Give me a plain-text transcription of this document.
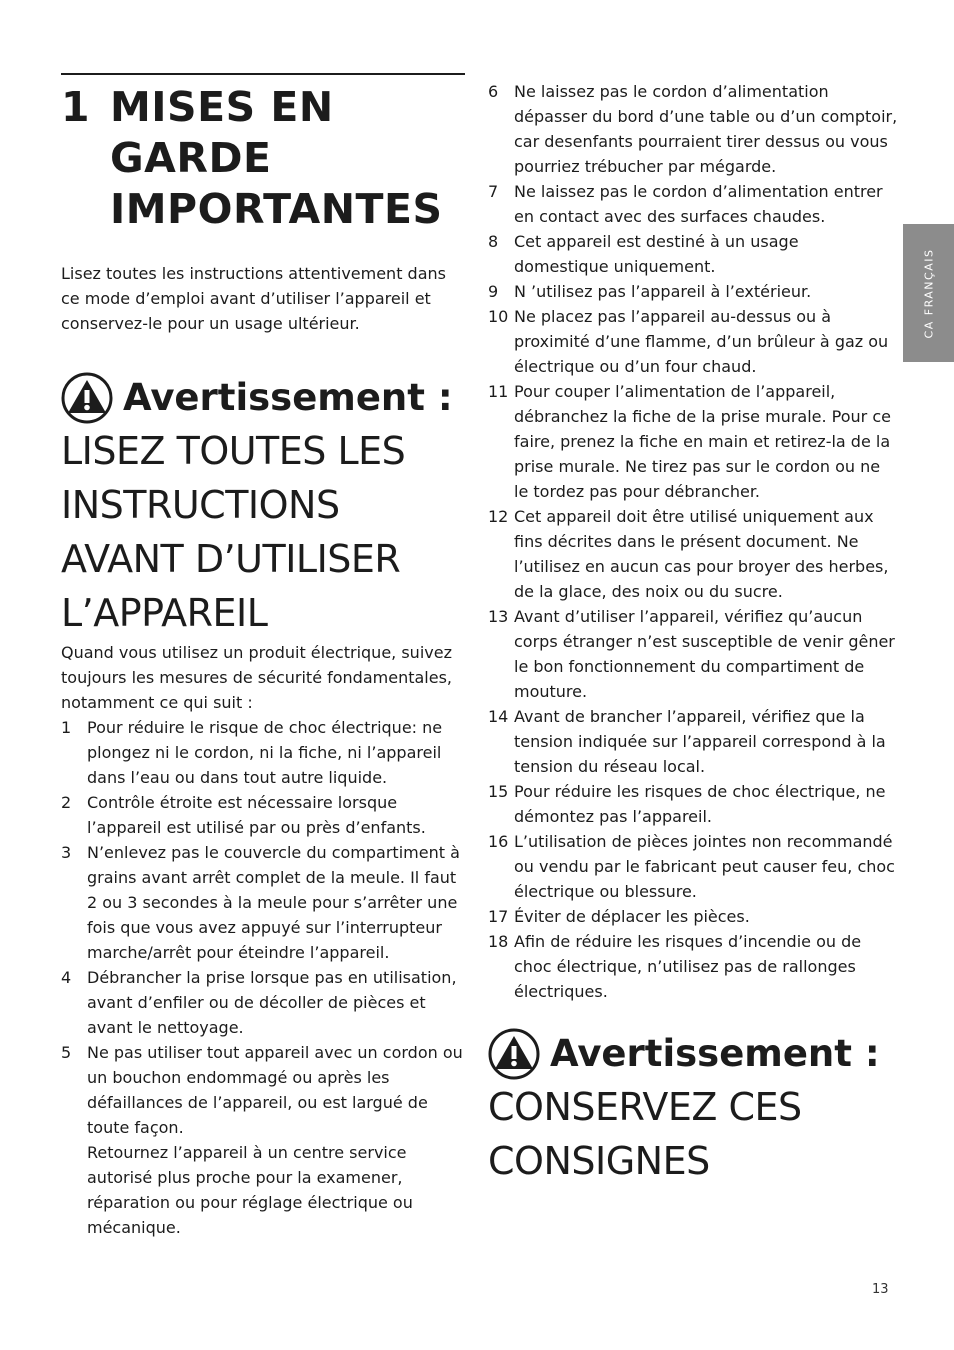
1 MISES EN GARDE IMPORTANTES

Lisez toutes les instructions attentivement dans ce mode d’emploi avant d’utiliser l’appareil et conservez-le pour un usage ultérieur.

Avertissement :
LISEZ TOUTES LES INSTRUCTIONS AVANT D’UTILISER L’APPAREIL
Quand vous utilisez un produit électrique, suivez toujours les mesures de sécurité fondamentales, notamment ce qui suit :
1 Pour réduire le risque de choc électrique: ne plongez ni le cordon, ni la fiche, ni l’appareil dans l’eau ou dans tout autre liquide.
2 Contrôle étroite est nécessaire lorsque l’appareil est utilisé par ou près d’enfants.
3 N’enlevez pas le couvercle du compartiment à grains avant arrêt complet de la meule. Il faut 2 ou 3 secondes à la meule pour s’arrêter une fois que vous avez appuyé sur l’interrupteur marche/arrêt pour éteindre l’appareil.
4 Débrancher la prise lorsque pas en utilisation, avant d’enfiler ou de décoller de pièces et avant le nettoyage.
5 Ne pas utiliser tout appareil avec un cordon ou un bouchon endommagé ou après les défaillances de l’appareil, ou est largué de toute façon.
Retournez l’appareil à un centre service autorisé plus proche pour la examener, réparation ou pour réglage électrique ou mécanique.
6 Ne laissez pas le cordon d’alimentation dépasser du bord d’une table ou d’un comptoir, car desenfants pourraient tirer dessus ou vous pourriez trébucher par mégarde.
7 Ne laissez pas le cordon d’alimentation entrer en contact avec des surfaces chaudes.
8 Cet appareil est destiné à un usage domestique uniquement.
9 N ’utilisez pas l’appareil à l’extérieur.
10 Ne placez pas l’appareil au-dessus ou à proximité d’une flamme, d’un brûleur à gaz ou électrique ou d’un four chaud.
11 Pour couper l’alimentation de l’appareil, débranchez la fiche de la prise murale. Pour ce faire, prenez la fiche en main et retirez-la de la prise murale. Ne tirez pas sur le cordon ou ne le tordez pas pour débrancher.
12 Cet appareil doit être utilisé uniquement aux fins décrites dans le présent document. Ne l’utilisez en aucun cas pour broyer des herbes, de la glace, des noix ou du sucre.
13 Avant d’utiliser l’appareil, vérifiez qu’aucun corps étranger n’est susceptible de venir gêner le bon fonctionnement du compartiment de mouture.
14 Avant de brancher l’appareil, vérifiez que la tension indiquée sur l’appareil correspond à la tension du réseau local.
15 Pour réduire les risques de choc électrique, ne démontez pas l’appareil.
16 L’utilisation de pièces jointes non recommandé ou vendu par le fabricant peut causer feu, choc électrique ou blessure.
17 Éviter de déplacer les pièces.
18 Afin de réduire les risques d’incendie ou de choc électrique, n’utilisez pas de rallonges électriques.
Avertissement :
CONSERVEZ CES CONSIGNES
CA FRANÇAIS
13
